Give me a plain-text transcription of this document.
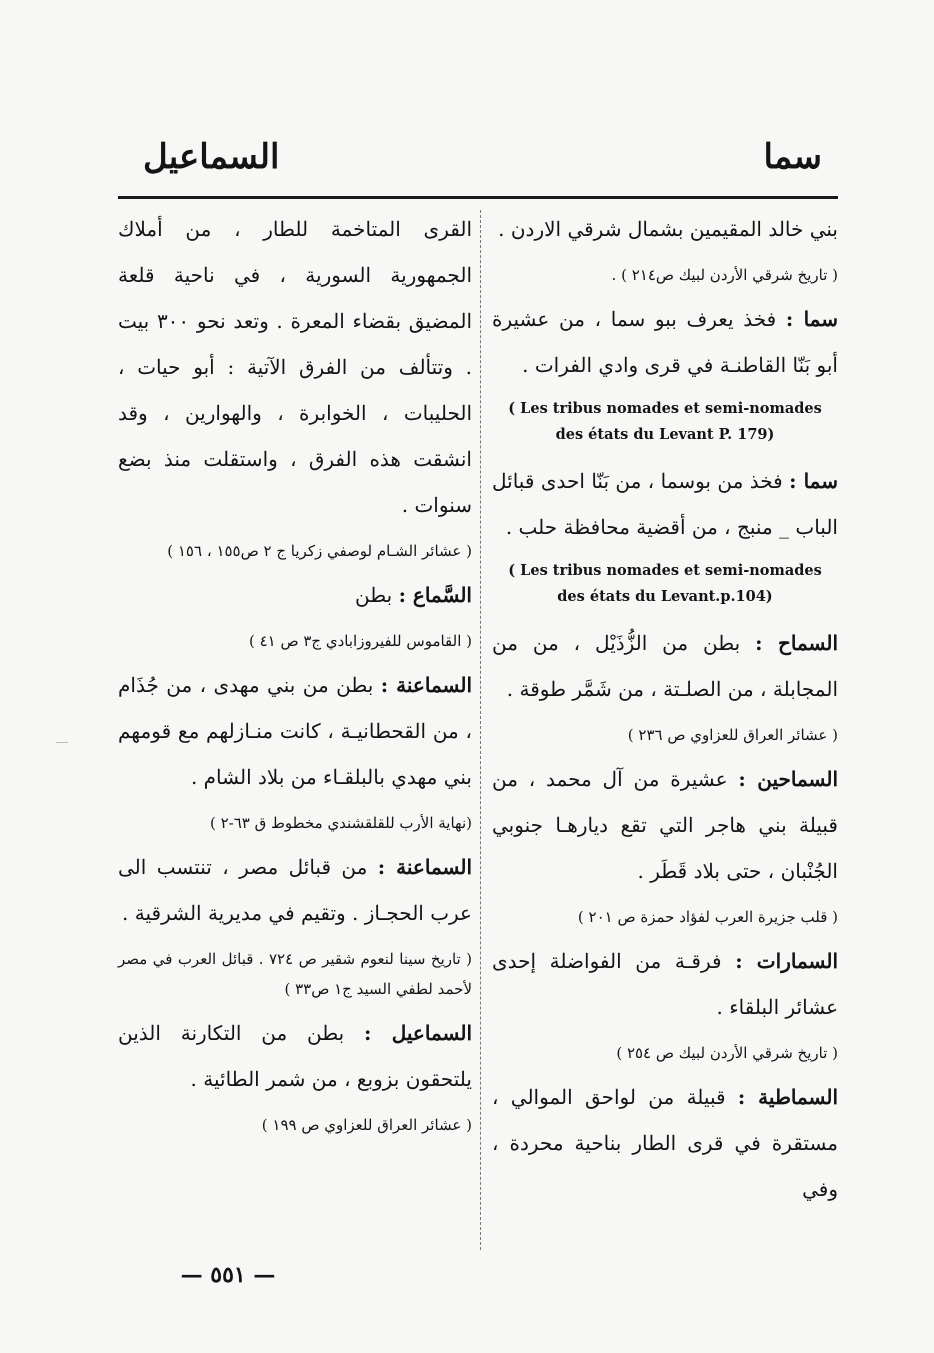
سما
السماعيل
بني خالد المقيمين بشمال شرقي الاردن .
( تاريخ شرقي الأردن لبيك ص٢١٤ ) .
سما : فخذ يعرف ببو سما ، من عشيرة أبو بَنّا القاطنـة في قرى وادي الفرات .
( Les tribus nomades et semi-nomades des états du Levant P. 179)
سما : فخذ من بوسما ، من بَنّا احدى قبائل الباب _ منبج ، من أقضية محافظة حلب .
( Les tribus nomades et semi-nomades des états du Levant.p.104)
السماح : بطن من الزُّذَيْل ، من من المجابلة ، من الصلـتة ، من شَمَّر طوقة .
( عشائر العراق للعزاوي ص ٢٣٦ )
السماحين : عشيرة من آل محمد ، من قبيلة بني هاجر التي تقع ديارهـا جنوبي الجُنْبان ، حتى بلاد قَطَر .
( قلب جزيرة العرب لفؤاد حمزة ص ٢٠١ )
السمارات : فرقـة من الفواضلة إحدى عشائر البلقاء .
( تاريخ شرقي الأردن لبيك ص ٢٥٤ )
السماطية : قبيلة من لواحق الموالي ، مستقرة في قرى الطار بناحية محردة ، وفي
القرى المتاخمة للطار ، من أملاك الجمهورية السورية ، في ناحية قلعة المضيق بقضاء المعرة . وتعد نحو ٣٠٠ بيت . وتتألف من الفرق الآتية : أبو حيات ، الحليبات ، الخوابرة ، والهوارين ، وقد انشقت هذه الفرق ، واستقلت منذ بضع سنوات .
( عشائر الشـام لوصفي زكريا ج ٢ ص١٥٥ ، ١٥٦ )
السَّماع : بطن
( القاموس للفيروزابادي ج٣ ص ٤١ )
السماعنة : بطن من بني مهدى ، من جُذَام ، من القحطانيـة ، كانت منـازلهم مع قومهم بني مهدي بالبلقـاء من بلاد الشام .
(نهاية الأرب للقلقشندي مخطوط ق ٦٣-٢ )
السماعنة : من قبائل مصر ، تنتسب الى عرب الحجـاز . وتقيم في مديرية الشرقية .
( تاريخ سينا لنعوم شقير ص ٧٢٤ . قبائل العرب في مصر لأحمد لطفي السيد ج١ ص٣٣ )
السماعيل : بطن من التكارنة الذين يلتحقون بزوبع ، من شمر الطائية .
( عشائر العراق للعزاوي ص ١٩٩ )
— ٥٥١ —
